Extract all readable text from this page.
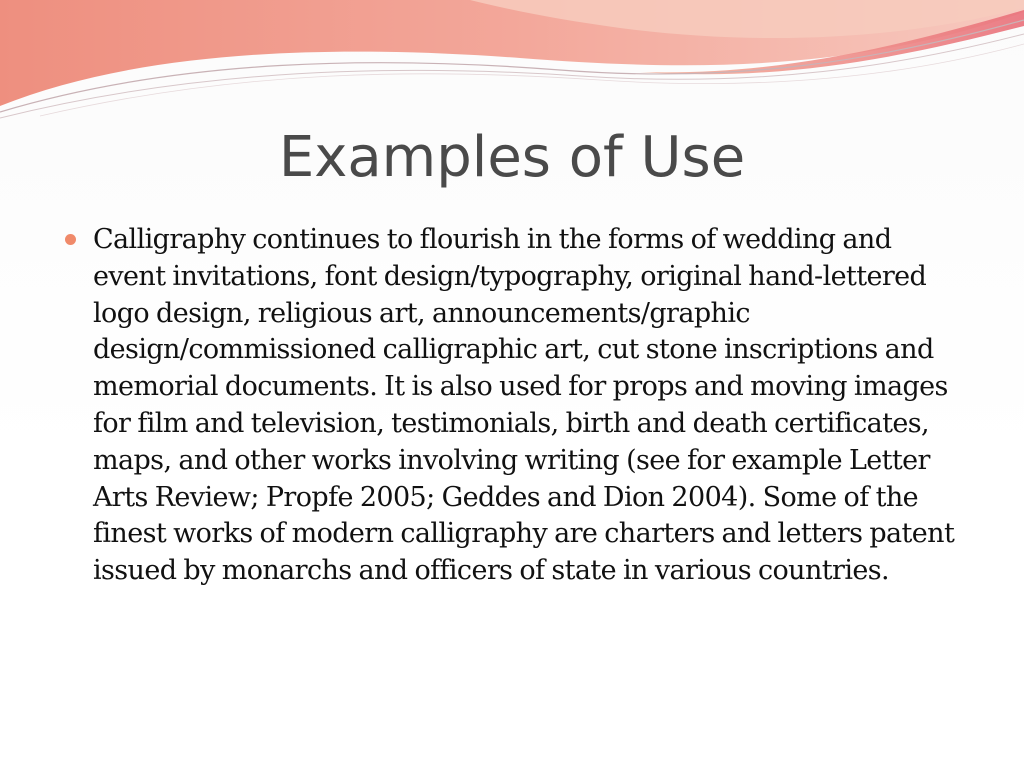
Examples of Use
Calligraphy continues to flourish in the forms of wedding and event invitations, font design/typography, original hand-lettered logo design, religious art, announcements/graphic design/commissioned calligraphic art, cut stone inscriptions and memorial documents. It is also used for props and moving images for film and television, testimonials, birth and death certificates, maps, and other works involving writing (see for example Letter Arts Review; Propfe 2005; Geddes and Dion 2004). Some of the finest works of modern calligraphy are charters and letters patent issued by monarchs and officers of state in various countries.
